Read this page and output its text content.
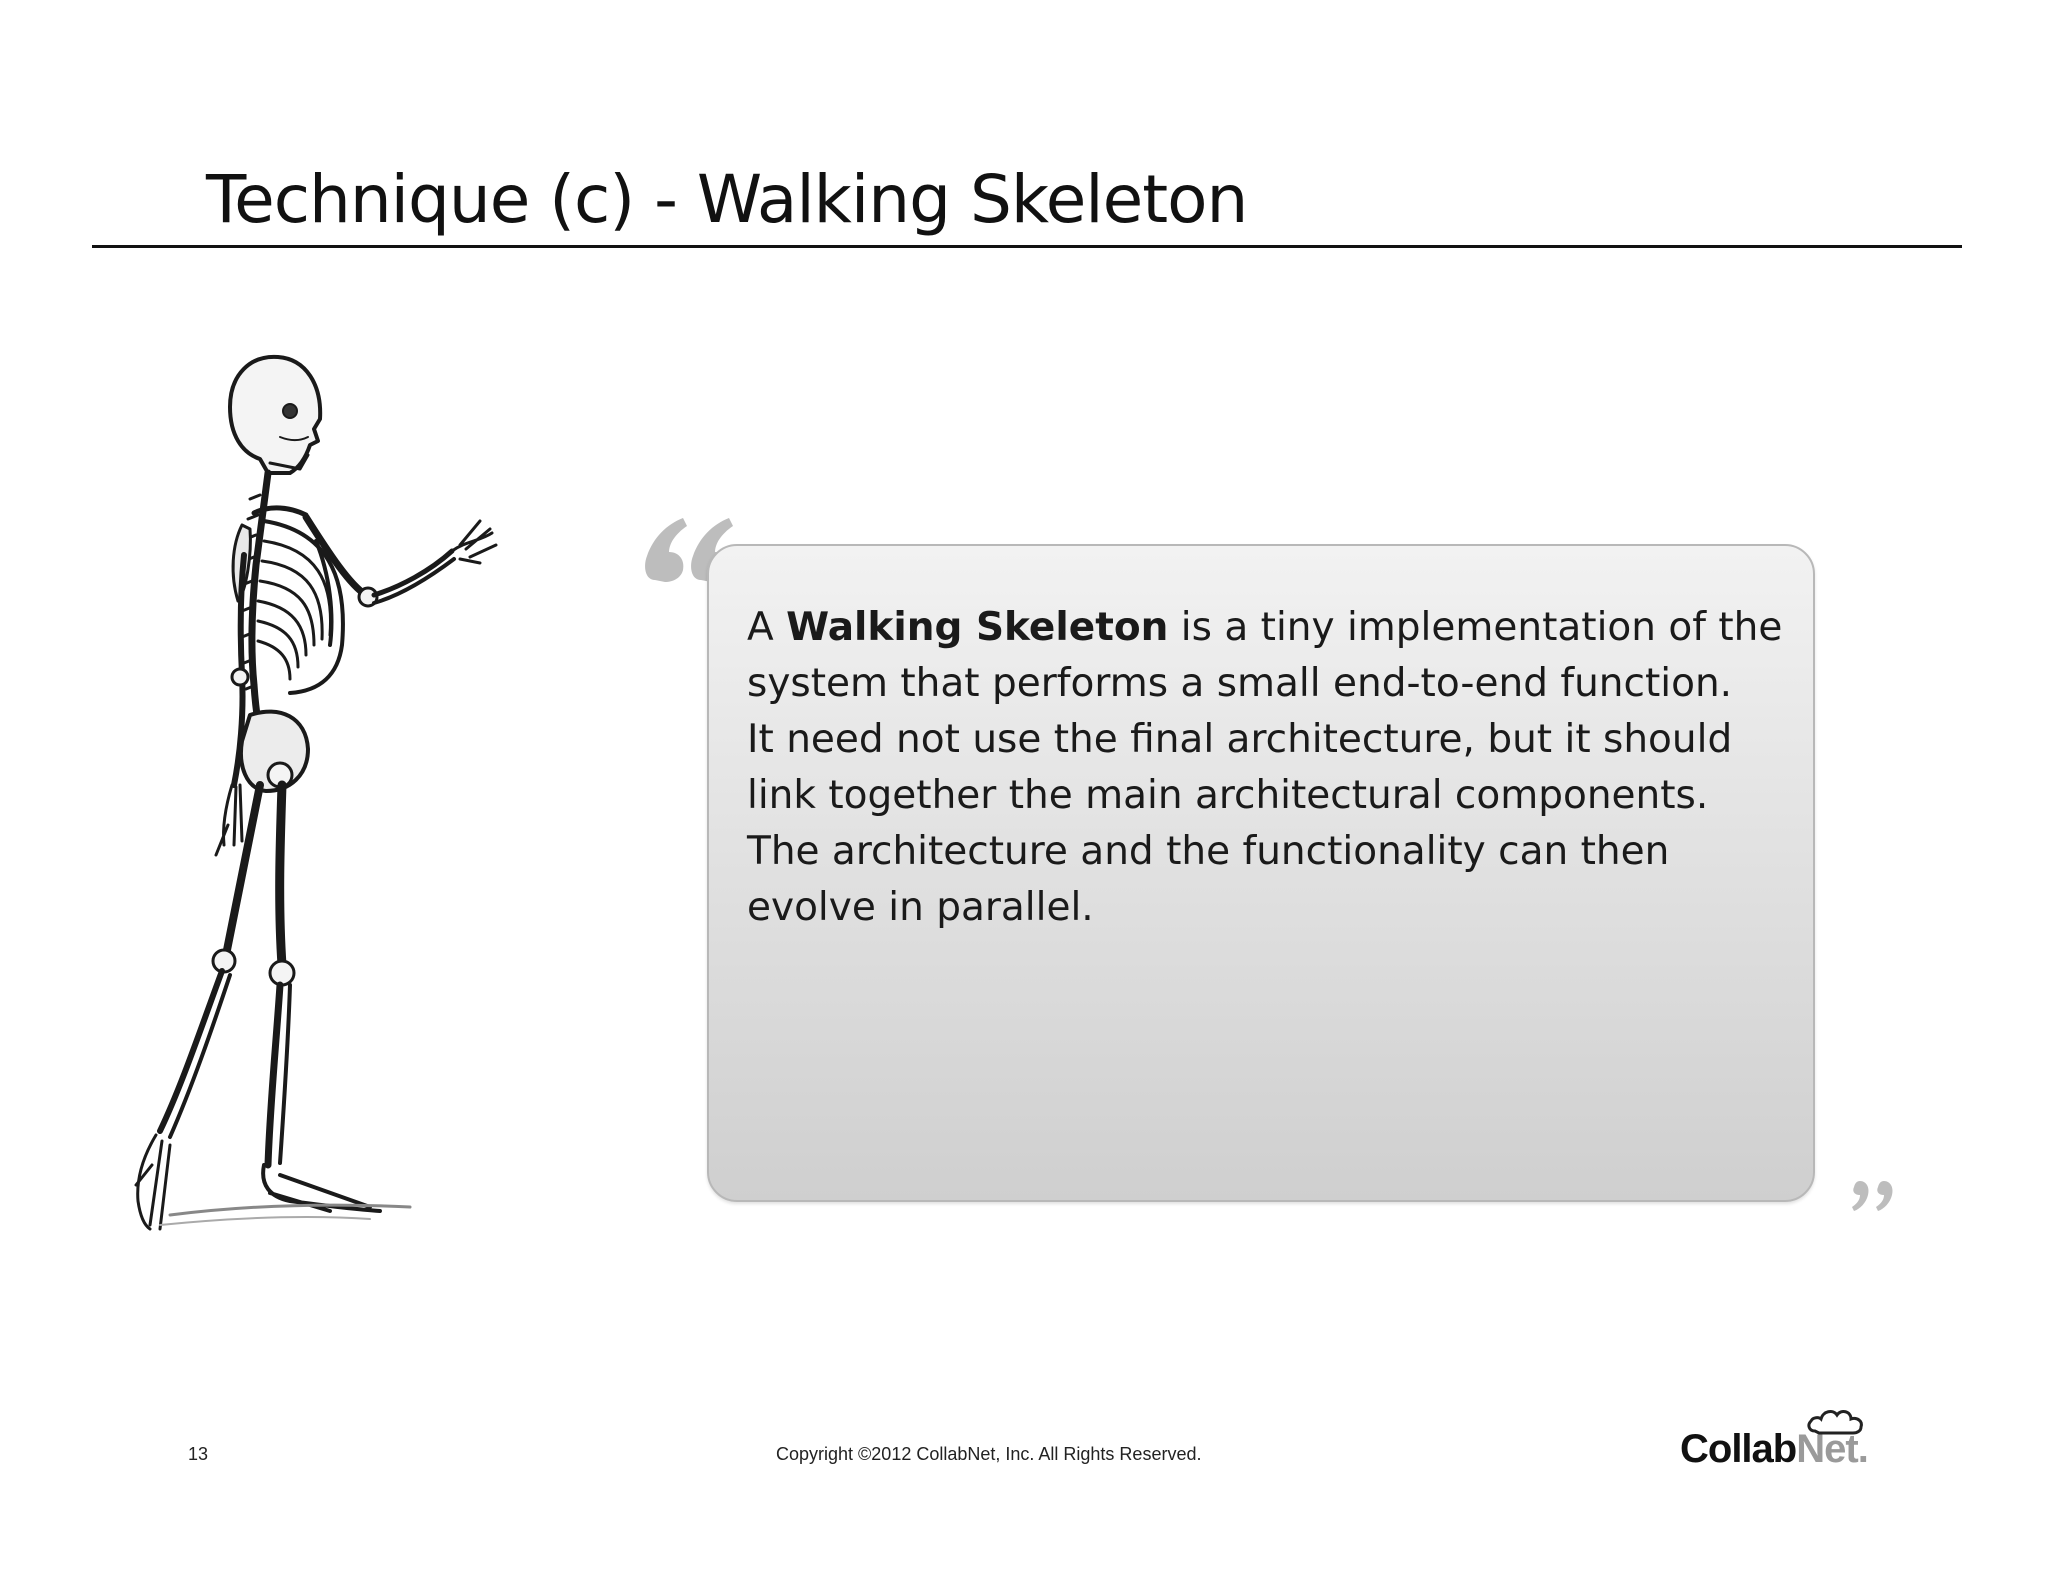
Technique (c) - Walking Skeleton
A Walking Skeleton is a tiny implementation of the
system that performs a small end-to-end function.
It need not use the final architecture, but it should
link together the main architectural components.
The architecture and the functionality can then
evolve in parallel.
13	Copyright ©2012 CollabNet, Inc. All Rights Reserved.	CollabNet.
